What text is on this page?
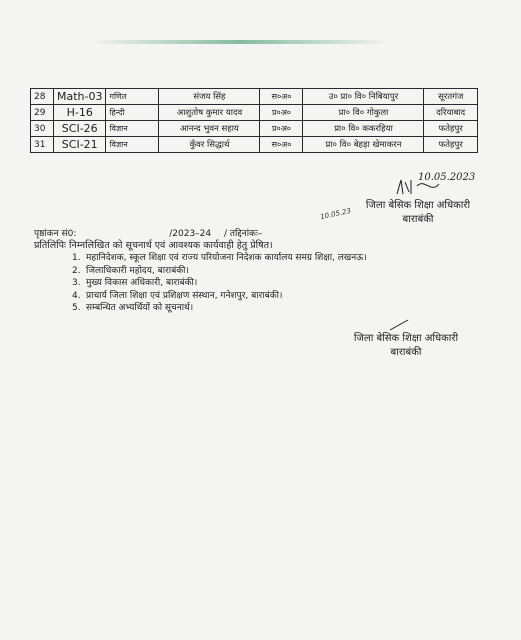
28	Math-03	गणित	संजय सिंह	स०अ०	उ० प्रा० वि० निबियापुर	सूरतगंज
29	H-16	हिन्दी	आशुतोष कुमार यादव	प्र०अ०	प्रा० वि० गोकुला	दरियाबाद
30	SCI-26	विज्ञान	आनन्द भुवन सहाय	प्र०अ०	प्रा० वि० ककरहिया	फतेहपुर
31	SCI-21	विज्ञान	कुँवर सिद्धार्थ	स०अ०	प्रा० वि० बेहड़ा खेमाकरन	फतेहपुर
10.05.2023
10.05.23
जिला बेसिक शिक्षा अधिकारी
बाराबंकी
पृष्ठांकन सं0:	/2023–24 / तद्दिनांकः–
प्रतिलिपिः निम्नलिखित को सूचनार्थ एवं आवश्यक कार्यवाही हेतु प्रेषित।
1. महानिदेशक, स्कूल शिक्षा एवं राज्य परियोजना निदेशक कार्यालय समग्र शिक्षा, लखनऊ।
2. जिलाधिकारी महोदय, बाराबंकी।
3. मुख्य विकास अधिकारी, बाराबंकी।
4. प्राचार्य जिला शिक्षा एवं प्रशिक्षण संस्थान, गनेशपुर, बाराबंकी।
5. सम्बन्धित अभ्यर्थियों को सूचनार्थ।
जिला बेसिक शिक्षा अधिकारी
बाराबंकी
